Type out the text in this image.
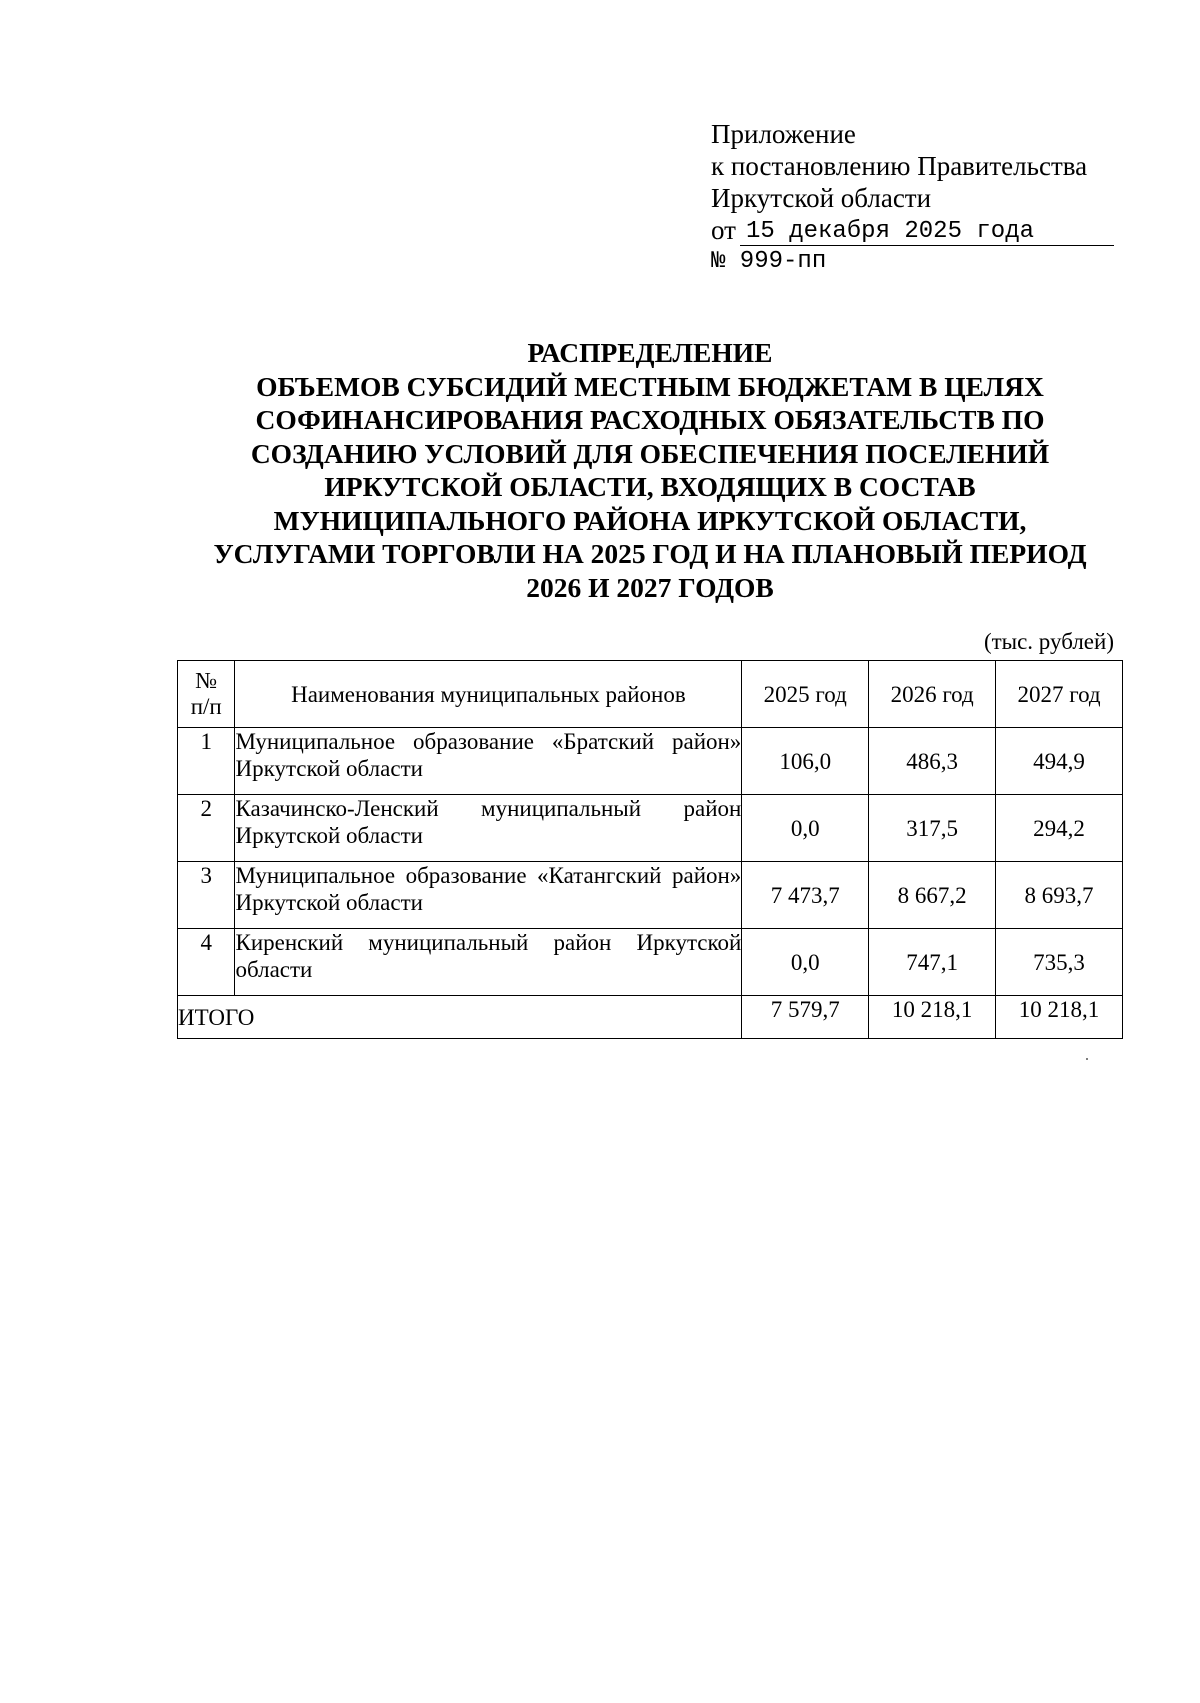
Приложение
к постановлению Правительства
Иркутской области
от 15 декабря 2025 года
№ 999-пп
РАСПРЕДЕЛЕНИЕ
ОБЪЕМОВ СУБСИДИЙ МЕСТНЫМ БЮДЖЕТАМ В ЦЕЛЯХ
СОФИНАНСИРОВАНИЯ РАСХОДНЫХ ОБЯЗАТЕЛЬСТВ ПО
СОЗДАНИЮ УСЛОВИЙ ДЛЯ ОБЕСПЕЧЕНИЯ ПОСЕЛЕНИЙ
ИРКУТСКОЙ ОБЛАСТИ, ВХОДЯЩИХ В СОСТАВ
МУНИЦИПАЛЬНОГО РАЙОНА ИРКУТСКОЙ ОБЛАСТИ,
УСЛУГАМИ ТОРГОВЛИ НА 2025 ГОД И НА ПЛАНОВЫЙ ПЕРИОД
2026 И 2027 ГОДОВ
(тыс. рублей)
№
п/п	Наименования муниципальных районов	2025 год	2026 год	2027 год
1	Муниципальное образование «Братский район» Иркутской области	106,0	486,3	494,9
2	Казачинско-Ленский муниципальный район Иркутской области	0,0	317,5	294,2
3	Муниципальное образование «Катангский район» Иркутской области	7 473,7	8 667,2	8 693,7
4	Киренский муниципальный район Иркутской области	0,0	747,1	735,3
ИТОГО		7 579,7	10 218,1	10 218,1
